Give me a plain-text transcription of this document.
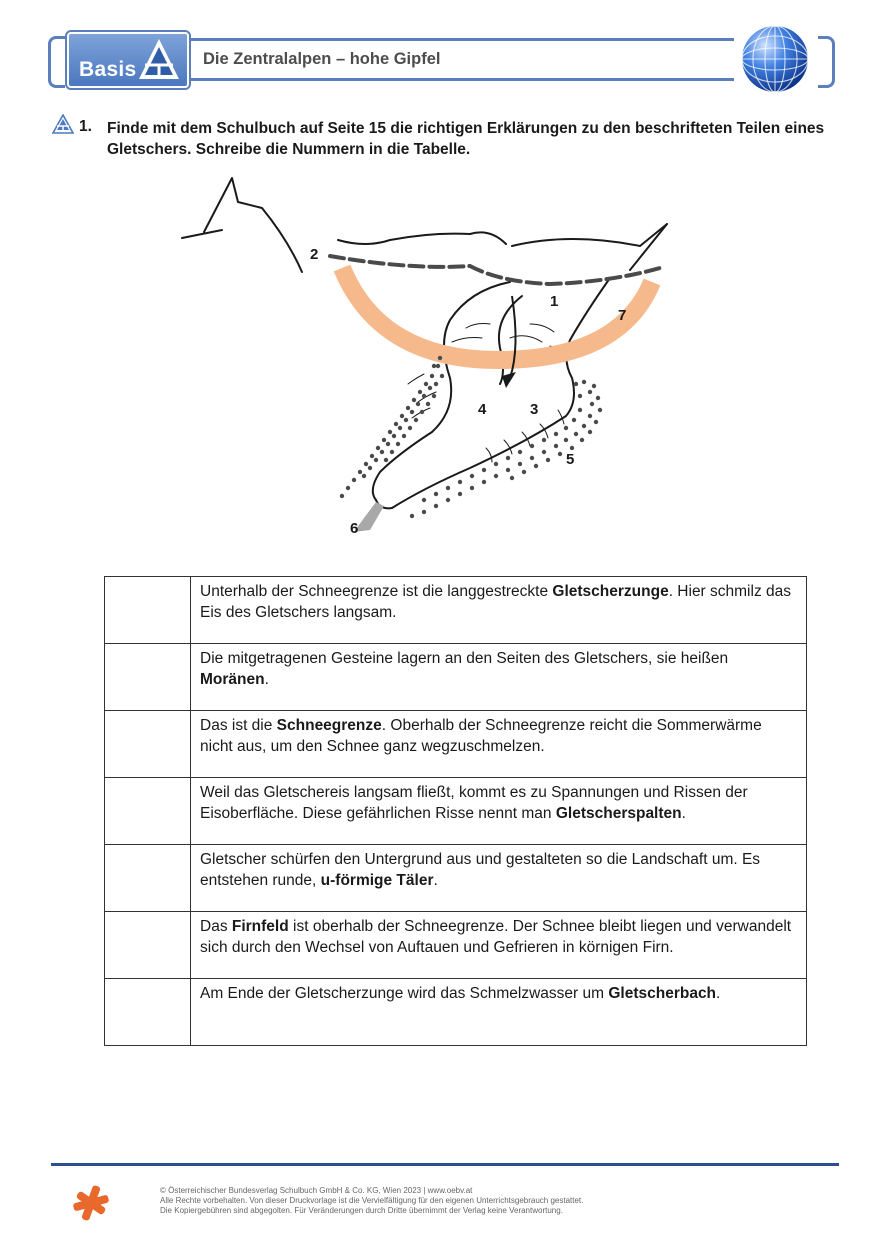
Basis	Die Zentralalpen – hohe Gipfel
1. Finde mit dem Schulbuch auf Seite 15 die richtigen Erklärungen zu den beschrifteten Teilen eines Gletschers. Schreibe die Nummern in die Tabelle.
1
2
3
4
5
6
7
	Unterhalb der Schneegrenze ist die langgestreckte Gletscherzunge. Hier schmilz das Eis des Gletschers langsam.
	Die mitgetragenen Gesteine lagern an den Seiten des Gletschers, sie heißen Moränen.
	Das ist die Schneegrenze. Oberhalb der Schneegrenze reicht die Sommerwärme nicht aus, um den Schnee ganz wegzuschmelzen.
	Weil das Gletschereis langsam fließt, kommt es zu Spannungen und Rissen der Eisoberfläche. Diese gefährlichen Risse nennt man Gletscherspalten.
	Gletscher schürfen den Untergrund aus und gestalteten so die Landschaft um. Es entstehen runde, u-förmige Täler.
	Das Firnfeld ist oberhalb der Schneegrenze. Der Schnee bleibt liegen und verwandelt sich durch den Wechsel von Auftauen und Gefrieren in körnigen Firn.
	Am Ende der Gletscherzunge wird das Schmelzwasser um Gletscherbach.
© Österreichischer Bundesverlag Schulbuch GmbH & Co. KG, Wien 2023 | www.oebv.at
Alle Rechte vorbehalten. Von dieser Druckvorlage ist die Vervielfältigung für den eigenen Unterrichtsgebrauch gestattet.
Die Kopiergebühren sind abgegolten. Für Veränderungen durch Dritte übernimmt der Verlag keine Verantwortung.
